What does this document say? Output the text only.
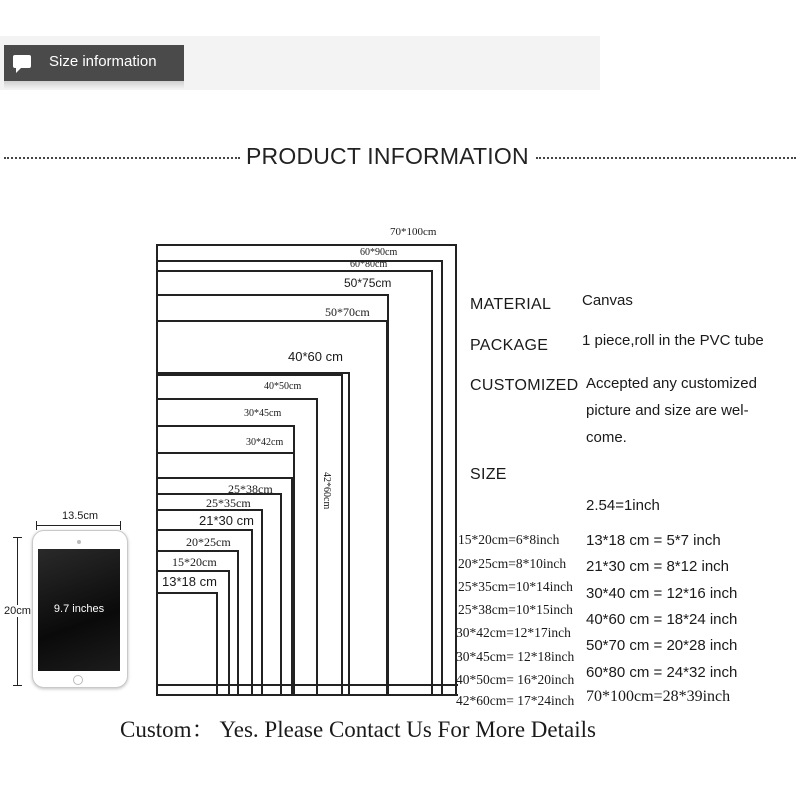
Size information
PRODUCT INFORMATION
70*100cm
60*90cm
60*80cm
50*75cm
50*70cm
40*60 cm
40*50cm
30*45cm
30*42cm
25*38cm
25*35cm
21*30 cm
20*25cm
15*20cm
13*18 cm
42*60cm
13.5cm
20cm	9.7 inches
MATERIAL Canvas
PACKAGE 1 piece,roll in the PVC tube
CUSTOMIZED Accepted any customized
picture and size are wel-
come.
SIZE
2.54=1inch
15*20cm=6*8inch
20*25cm=8*10inch
25*35cm=10*14inch
25*38cm=10*15inch
30*42cm=12*17inch
30*45cm= 12*18inch
40*50cm= 16*20inch
42*60cm= 17*24inch
13*18 cm = 5*7 inch
21*30 cm = 8*12 inch
30*40 cm = 12*16 inch
40*60 cm = 18*24 inch
50*70 cm = 20*28 inch
60*80 cm = 24*32 inch
70*100cm=28*39inch
Custom： Yes. Please Contact Us For More Details
